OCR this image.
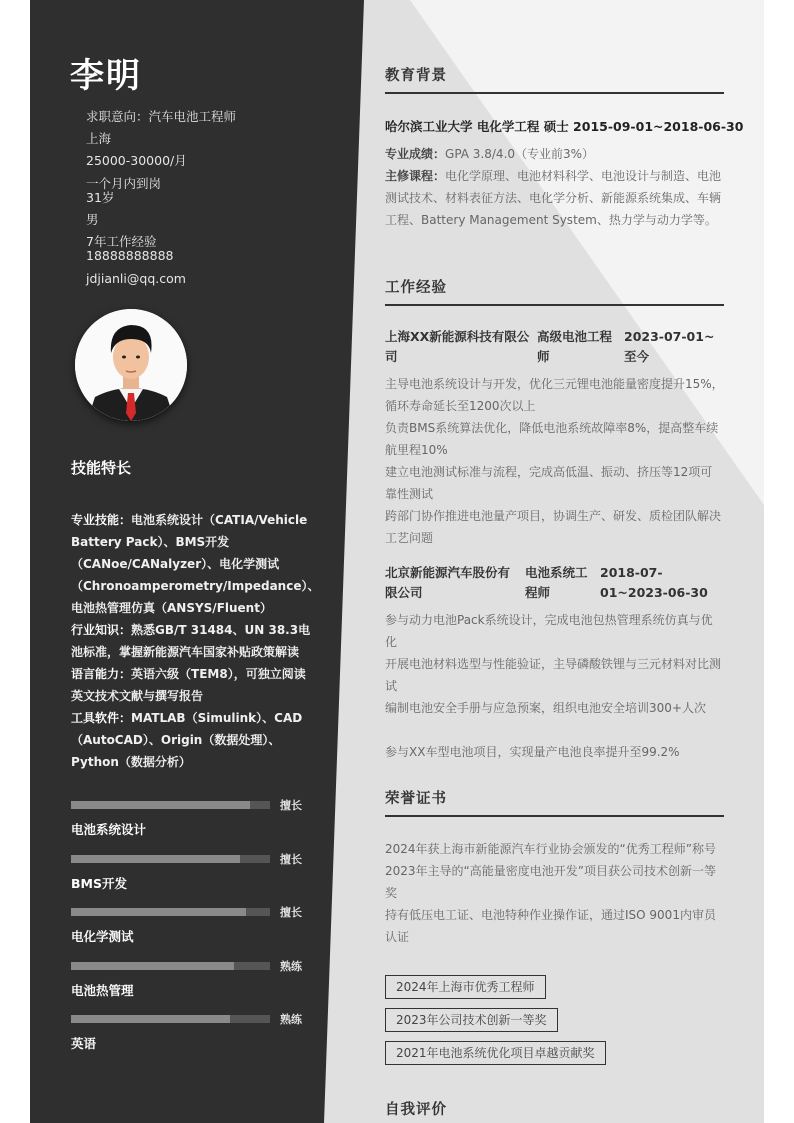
李明
求职意向：汽车电池工程师
上海
25000-30000/月
一个月内到岗
31岁
男
7年工作经验
18888888888
jdjianli@qq.com
技能特长
专业技能：电池系统设计（CATIA/Vehicle Battery Pack）、BMS开发（CANoe/CANalyzer）、电化学测试（Chronoamperometry/Impedance）、电池热管理仿真（ANSYS/Fluent）
行业知识：熟悉GB/T 31484、UN 38.3电池标准，掌握新能源汽车国家补贴政策解读
语言能力：英语六级（TEM8），可独立阅读英文技术文献与撰写报告
工具软件：MATLAB（Simulink）、CAD（AutoCAD）、Origin（数据处理）、Python（数据分析）
擅长
电池系统设计
擅长
BMS开发
擅长
电化学测试
熟练
电池热管理
熟练
英语
教育背景
哈尔滨工业大学 电化学工程 硕士 2015-09-01~2018-06-30
专业成绩：GPA 3.8/4.0（专业前3%）
主修课程：电化学原理、电池材料科学、电池设计与制造、电池测试技术、材料表征方法、电化学分析、新能源系统集成、车辆工程、Battery Management System、热力学与动力学等。
工作经验
上海XX新能源科技有限公司
高级电池工程师
2023-07-01~至今
主导电池系统设计与开发，优化三元锂电池能量密度提升15%，循环寿命延长至1200次以上
负责BMS系统算法优化，降低电池系统故障率8%，提高整车续航里程10%
建立电池测试标准与流程，完成高低温、振动、挤压等12项可靠性测试
跨部门协作推进电池量产项目，协调生产、研发、质检团队解决工艺问题
北京新能源汽车股份有限公司
电池系统工程师
2018-07-01~2023-06-30
参与动力电池Pack系统设计，完成电池包热管理系统仿真与优化
开展电池材料选型与性能验证，主导磷酸铁锂与三元材料对比测试
编制电池安全手册与应急预案，组织电池安全培训300+人次
参与XX车型电池项目，实现量产电池良率提升至99.2%
荣誉证书
2024年获上海市新能源汽车行业协会颁发的“优秀工程师”称号
2023年主导的“高能量密度电池开发”项目获公司技术创新一等奖
持有低压电工证、电池特种作业操作证，通过ISO 9001内审员认证
2024年上海市优秀工程师
2023年公司技术创新一等奖
2021年电池系统优化项目卓越贡献奖
自我评价
